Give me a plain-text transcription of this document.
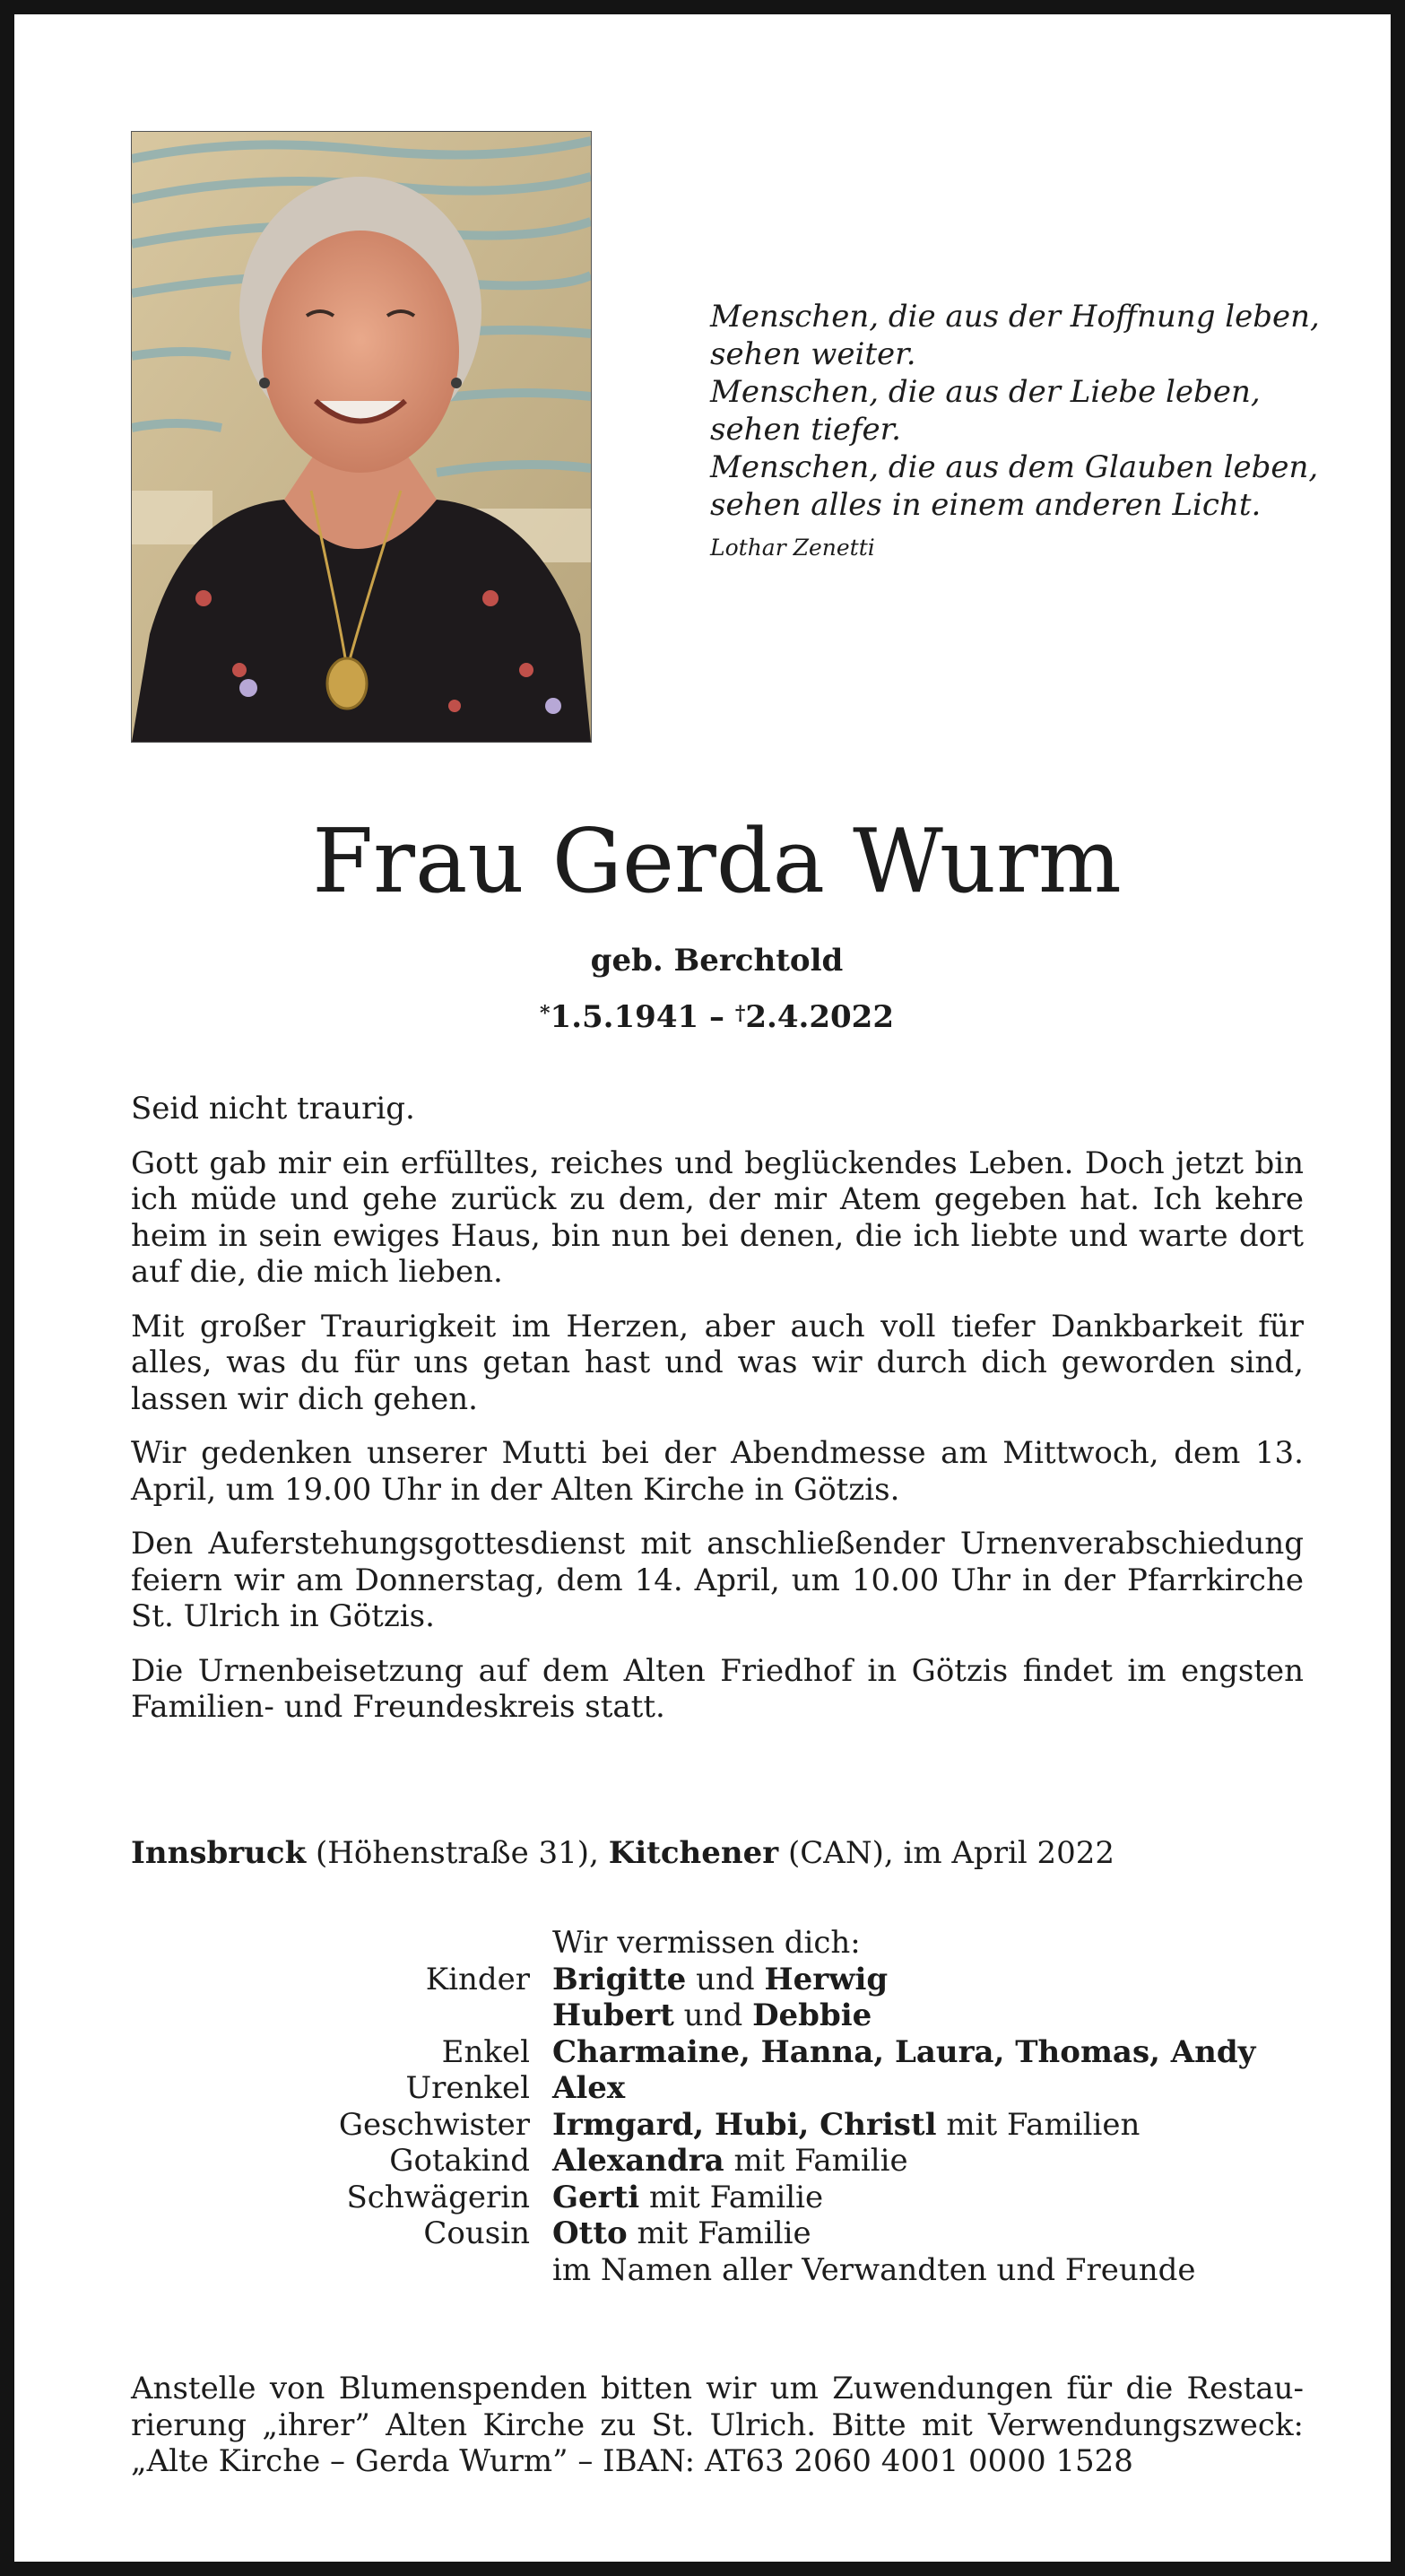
Menschen, die aus der Hoffnung leben,
sehen weiter.
Menschen, die aus der Liebe leben,
sehen tiefer.
Menschen, die aus dem Glauben leben,
sehen alles in einem anderen Licht.
Lothar Zenetti
Frau Gerda Wurm
geb. Berchtold
*1.5.1941 – †2.4.2022

Seid nicht traurig.

Gott gab mir ein erfülltes, reiches und beglückendes Leben. Doch jetzt bin ich müde und gehe zurück zu dem, der mir Atem gegeben hat. Ich kehre heim in sein ewiges Haus, bin nun bei denen, die ich liebte und warte dort auf die, die mich lieben.

Mit großer Traurigkeit im Herzen, aber auch voll tiefer Dankbarkeit für alles, was du für uns getan hast und was wir durch dich geworden sind, lassen wir dich gehen.

Wir gedenken unserer Mutti bei der Abendmesse am Mittwoch, dem 13. April, um 19.00 Uhr in der Alten Kirche in Götzis.

Den Auferstehungsgottesdienst mit anschließender Urnenverabschiedung feiern wir am Donnerstag, dem 14. April, um 10.00 Uhr in der Pfarrkirche St. Ulrich in Götzis.

Die Urnenbeisetzung auf dem Alten Friedhof in Götzis findet im engsten Familien- und Freundeskreis statt.

Innsbruck (Höhenstraße 31), Kitchener (CAN), im April 2022
Wir vermissen dich:
Kinder Brigitte und Herwig
Hubert und Debbie
Enkel Charmaine, Hanna, Laura, Thomas, Andy
Urenkel Alex
Geschwister Irmgard, Hubi, Christl mit Familien
Gotakind Alexandra mit Familie
Schwägerin Gerti mit Familie
Cousin Otto mit Familie
im Namen aller Verwandten und Freunde
Anstelle von Blumenspenden bitten wir um Zuwendungen für die Restau-
rierung „ihrer” Alten Kirche zu St. Ulrich. Bitte mit Verwendungszweck:
„Alte Kirche – Gerda Wurm” – IBAN: AT63 2060 4001 0000 1528
